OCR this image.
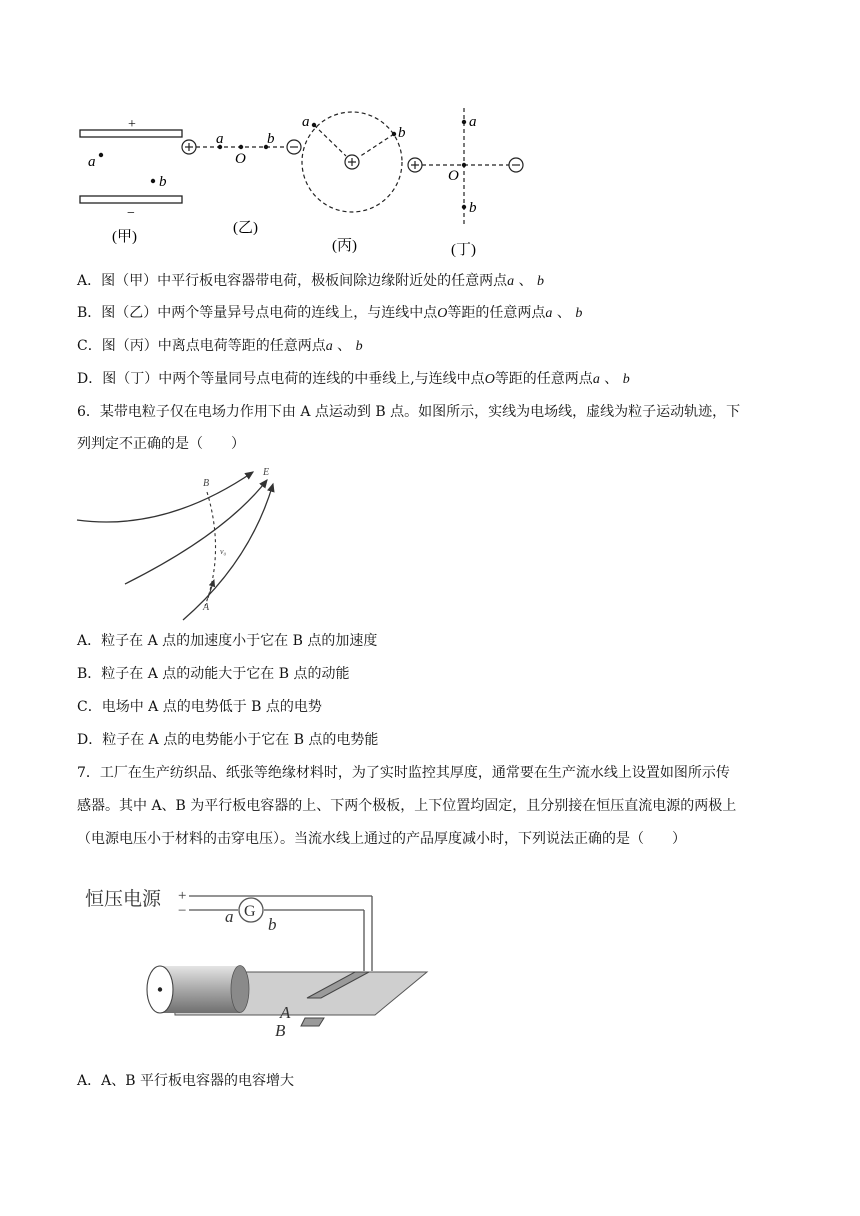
+
−
a
b
(甲)
a	b
O
(乙)
a
b
(丙)
a
O
b
(丁)
A．图（甲）中平行板电容器带电荷，极板间除边缘附近处的任意两点a 、 b
B．图（乙）中两个等量异号点电荷的连线上，与连线中点O等距的任意两点a 、 b
C．图（丙）中离点电荷等距的任意两点a 、 b
D．图（丁）中两个等量同号点电荷的连线的中垂线上,与连线中点O等距的任意两点a 、 b
6．某带电粒子仅在电场力作用下由 A 点运动到 B 点。如图所示，实线为电场线，虚线为粒子运动轨迹，下
列判定不正确的是（　　）
B
E
A
v₀
A．粒子在 A 点的加速度小于它在 B 点的加速度
B．粒子在 A 点的动能大于它在 B 点的动能
C．电场中 A 点的电势低于 B 点的电势
D．粒子在 A 点的电势能小于它在 B 点的电势能
7．工厂在生产纺织品、纸张等绝缘材料时，为了实时监控其厚度，通常要在生产流水线上设置如图所示传
感器。其中 A、B 为平行板电容器的上、下两个极板，上下位置均固定，且分别接在恒压直流电源的两极上
（电源电压小于材料的击穿电压）。当流水线上通过的产品厚度减小时，下列说法正确的是（　　）
恒压电源 +
−	G
a b
A
B
A．A、B 平行板电容器的电容增大
